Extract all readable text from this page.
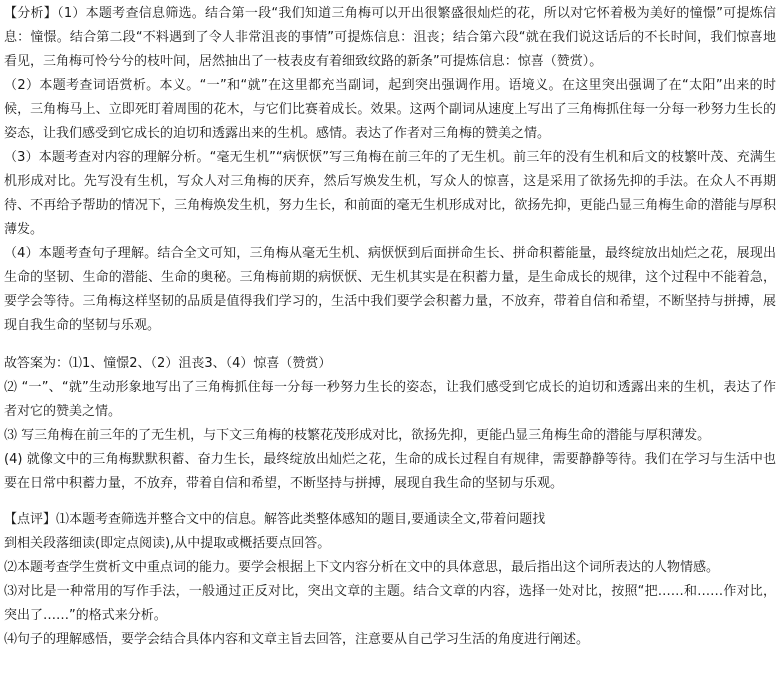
【分析】（1）本题考查信息筛选。结合第一段“我们知道三角梅可以开出很繁盛很灿烂的花，所以对它怀着极为美好的憧憬”可提炼信息：憧憬。结合第二段“不料遇到了令人非常沮丧的事情”可提炼信息：沮丧；结合第六段“就在我们说这话后的不长时间，我们惊喜地看见，三角梅可怜兮兮的枝叶间，居然抽出了一枝表皮有着细致纹路的新条”可提炼信息：惊喜（赞赏）。

（2）本题考查词语赏析。本义。“一”和“就”在这里都充当副词，起到突出强调作用。语境义。在这里突出强调了在“太阳”出来的时候，三角梅马上、立即死盯着周围的花木，与它们比赛着成长。效果。这两个副词从速度上写出了三角梅抓住每一分每一秒努力生长的姿态，让我们感受到它成长的迫切和透露出来的生机。感情。表达了作者对三角梅的赞美之情。

（3）本题考查对内容的理解分析。“毫无生机”“病恹恹”写三角梅在前三年的了无生机。前三年的没有生机和后文的枝繁叶茂、充满生机形成对比。先写没有生机，写众人对三角梅的厌弃，然后写焕发生机，写众人的惊喜，这是采用了欲扬先抑的手法。在众人不再期待、不再给予帮助的情况下，三角梅焕发生机，努力生长，和前面的毫无生机形成对比，欲扬先抑，更能凸显三角梅生命的潜能与厚积薄发。

（4）本题考查句子理解。结合全文可知，三角梅从毫无生机、病恹恹到后面拼命生长、拼命积蓄能量，最终绽放出灿烂之花，展现出生命的坚韧、生命的潜能、生命的奥秘。三角梅前期的病恹恹、无生机其实是在积蓄力量，是生命成长的规律，这个过程中不能着急，要学会等待。三角梅这样坚韧的品质是值得我们学习的，生活中我们要学会积蓄力量，不放弃，带着自信和希望，不断坚持与拼搏，展现自我生命的坚韧与乐观。

故答案为：⑴1、憧憬2、（2）沮丧3、（4）惊喜（赞赏）

⑵ “一”、“就”生动形象地写出了三角梅抓住每一分每一秒努力生长的姿态，让我们感受到它成长的迫切和透露出来的生机，表达了作者对它的赞美之情。

⑶ 写三角梅在前三年的了无生机，与下文三角梅的枝繁花茂形成对比，欲扬先抑，更能凸显三角梅生命的潜能与厚积薄发。

(4) 就像文中的三角梅默默积蓄、奋力生长，最终绽放出灿烂之花，生命的成长过程自有规律，需要静静等待。我们在学习与生活中也要在日常中积蓄力量，不放弃，带着自信和希望，不断坚持与拼搏，展现自我生命的坚韧与乐观。

【点评】⑴本题考查筛选并整合文中的信息。解答此类整体感知的题目,要通读全文,带着问题找

到相关段落细读(即定点阅读),从中提取或概括要点回答。

⑵本题考查学生赏析文中重点词的能力。要学会根据上下文内容分析在文中的具体意思，最后指出这个词所表达的人物情感。

⑶对比是一种常用的写作手法，一般通过正反对比，突出文章的主题。结合文章的内容，选择一处对比，按照“把……和……作对比，突出了……”的格式来分析。

⑷句子的理解感悟，要学会结合具体内容和文章主旨去回答，注意要从自己学习生活的角度进行阐述。
